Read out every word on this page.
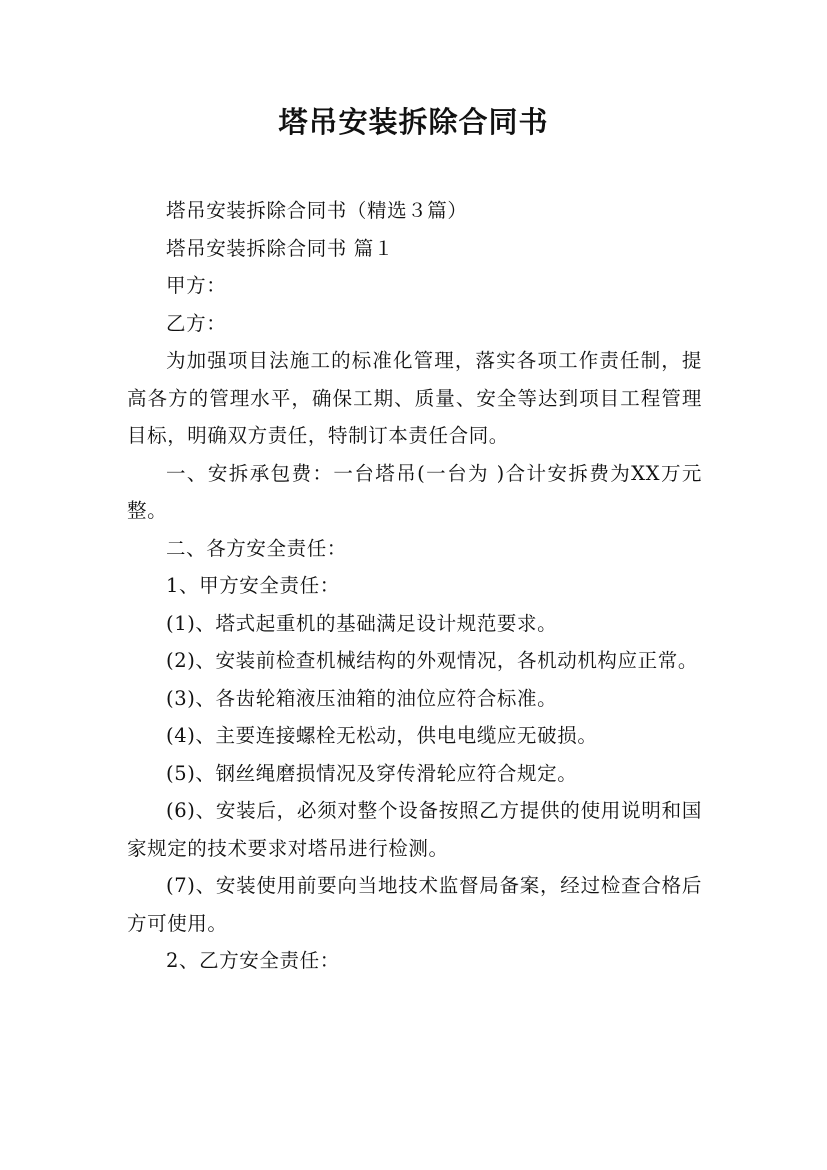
塔吊安装拆除合同书

塔吊安装拆除合同书（精选３篇）

塔吊安装拆除合同书 篇１

甲方：

乙方：

为加强项目法施工的标准化管理，落实各项工作责任制，提高各方的管理水平，确保工期、质量、安全等达到项目工程管理目标，明确双方责任，特制订本责任合同。

一、安拆承包费：一台塔吊(一台为 )合计安拆费为XX万元整。

二、各方安全责任：

1、甲方安全责任：

(1)、塔式起重机的基础满足设计规范要求。

(2)、安装前检查机械结构的外观情况，各机动机构应正常。

(3)、各齿轮箱液压油箱的油位应符合标准。

(4)、主要连接螺栓无松动，供电电缆应无破损。

(5)、钢丝绳磨损情况及穿传滑轮应符合规定。

(6)、安装后，必须对整个设备按照乙方提供的使用说明和国家规定的技术要求对塔吊进行检测。

(7)、安装使用前要向当地技术监督局备案，经过检查合格后方可使用。

2、乙方安全责任：
